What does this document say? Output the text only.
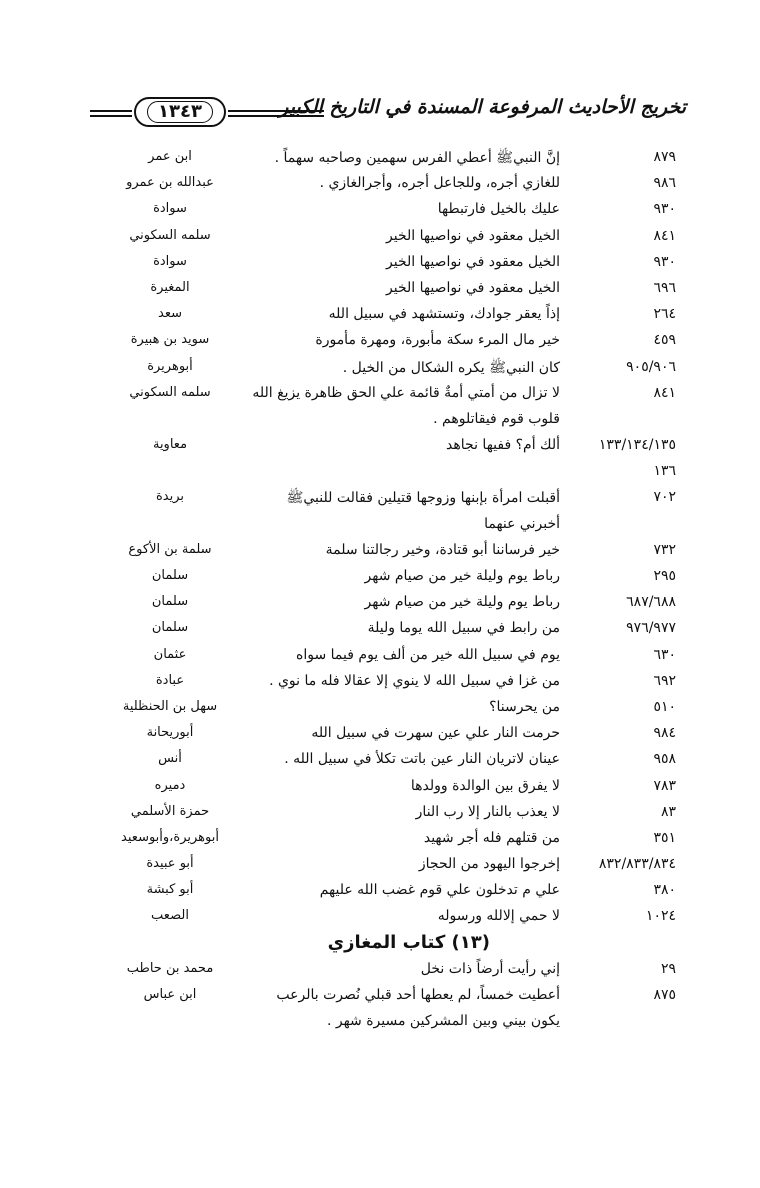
١٣٤٣	تخريج الأحاديث المرفوعة المسندة في التاريخ الكبير
٨٧٩
إنَّ النبيﷺ أعطي الفرس سهمين وصاحبه سهماً .
ابن عمر
٩٨٦
للغازي أجره، وللجاعل أجره، وأجرالغازي .
عبدالله بن عمرو
٩٣٠
عليك بالخيل فارتبطها
سوادة
٨٤١
الخيل معقود في نواصيها الخير
سلمه السكوني
٩٣٠
الخيل معقود في نواصيها الخير
سوادة
٦٩٦
الخيل معقود في نواصيها الخير
المغيرة
٢٦٤
إذاً يعقر جوادك، وتستشهد في سبيل الله
سعد
٤٥٩
خير مال المرء سكة مأبورة، ومهرة مأمورة
سويد بن هبيرة
٩٠٥/٩٠٦
كان النبيﷺ يكره الشكال من الخيل .
أبوهريرة
٨٤١
لا تزال من أمتي أمةٌ قائمة علي الحق ظاهرة يزيغ الله
سلمه السكوني
قلوب قوم فيقاتلوهم .
١٣٣/١٣٤/١٣٥
ألك أم؟ ففيها نجاهد
معاوية
١٣٦
٧٠٢
أقبلت امرأة بإبنها وزوجها قتيلين فقالت للنبيﷺ
بريدة
أخبرني عنهما
٧٣٢
خير فرساننا أبو قتادة، وخير رجالتنا سلمة
سلمة بن الأكوع
٢٩٥
رباط يوم وليلة خير من صيام شهر
سلمان
٦٨٧/٦٨٨
رباط يوم وليلة خير من صيام شهر
سلمان
٩٧٦/٩٧٧
من رابط في سبيل الله يوما وليلة
سلمان
٦٣٠
يوم في سبيل الله خير من ألف يوم فيما سواه
عثمان
٦٩٢
من غزا في سبيل الله لا ينوي إلا عقالا فله ما نوي .
عبادة
٥١٠
من يحرسنا؟
سهل بن الحنظلية
٩٨٤
حرمت النار علي عين سهرت في سبيل الله
أبوريحانة
٩٥٨
عينان لاتريان النار عين باتت تكلأ في سبيل الله .
أنس
٧٨٣
لا يفرق بين الوالدة وولدها
دميره
٨٣
لا يعذب بالنار إلا رب النار
حمزة الأسلمي
٣٥١
من قتلهم فله أجر شهيد
أبوهريرة،وأبوسعيد
٨٣٢/٨٣٣/٨٣٤
إخرجوا اليهود من الحجاز
أبو عبيدة
٣٨٠
علي م تدخلون علي قوم غضب الله عليهم
أبو كبشة
١٠٢٤
لا حمي إلالله ورسوله
الصعب
(١٣) كتاب المغازي
٢٩
إني رأيت أرضاً ذات نخل
محمد بن حاطب
٨٧٥
أعطيت خمساً، لم يعطها أحد قبلي نُصرت بالرعب
ابن عباس
يكون بيني وبين المشركين مسيرة شهر .
